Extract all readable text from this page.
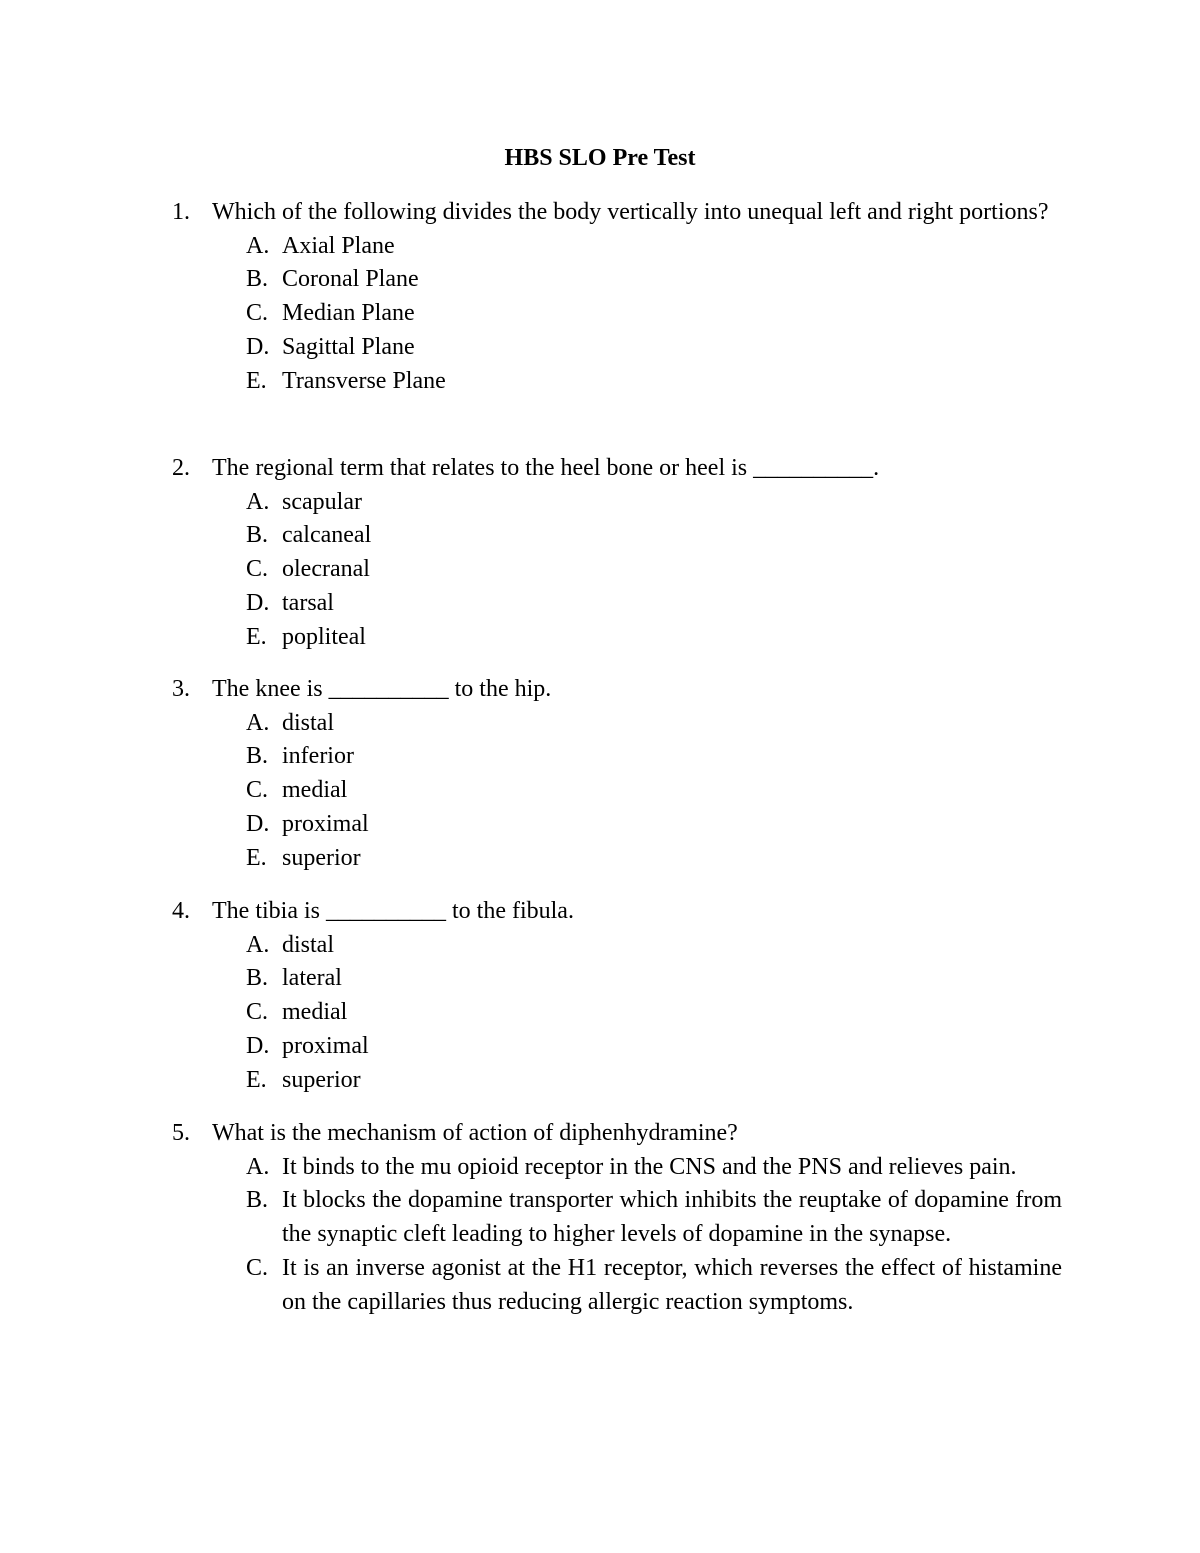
HBS SLO Pre Test
1. Which of the following divides the body vertically into unequal left and right portions?
A. Axial Plane
B. Coronal Plane
C. Median Plane
D. Sagittal Plane
E. Transverse Plane
2. The regional term that relates to the heel bone or heel is __________.
A. scapular
B. calcaneal
C. olecranal
D. tarsal
E. popliteal
3. The knee is __________ to the hip.
A. distal
B. inferior
C. medial
D. proximal
E. superior
4. The tibia is __________ to the fibula.
A. distal
B. lateral
C. medial
D. proximal
E. superior
5. What is the mechanism of action of diphenhydramine?
A. It binds to the mu opioid receptor in the CNS and the PNS and relieves pain.
B. It blocks the dopamine transporter which inhibits the reuptake of dopamine from the synaptic cleft leading to higher levels of dopamine in the synapse.
C. It is an inverse agonist at the H1 receptor, which reverses the effect of histamine on the capillaries thus reducing allergic reaction symptoms.
